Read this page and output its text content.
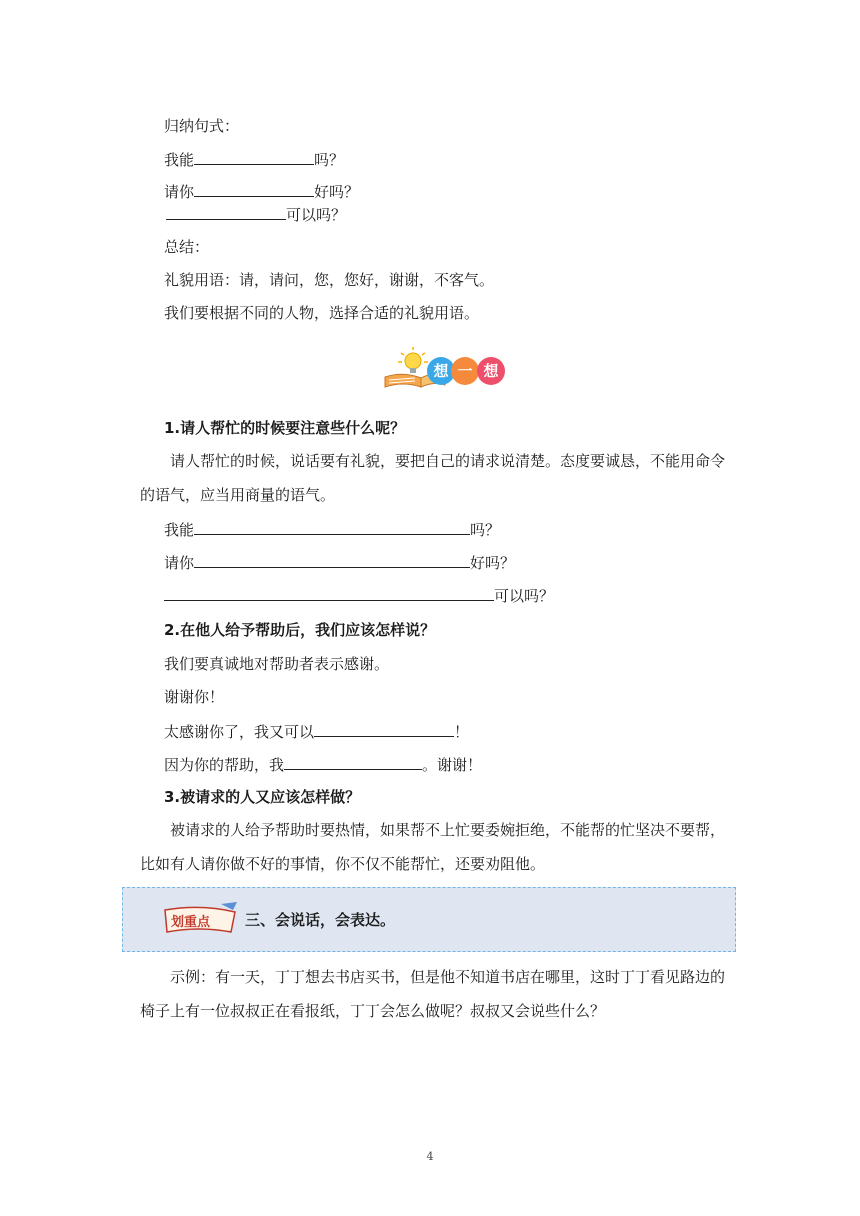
归纳句式：
我能	吗？
请你	好吗？
可以吗？
总结：
礼貌用语：请，请问，您，您好，谢谢，不客气。
我们要根据不同的人物，选择合适的礼貌用语。
想 一 想
1.请人帮忙的时候要注意些什么呢？
请人帮忙的时候，说话要有礼貌，要把自己的请求说清楚。态度要诚恳，不能用命令的语气，应当用商量的语气。
我能	吗？
请你	好吗？
可以吗？
2.在他人给予帮助后，我们应该怎样说？
我们要真诚地对帮助者表示感谢。
谢谢你！
太感谢你了，我又可以	！
因为你的帮助，我	。谢谢！
3.被请求的人又应该怎样做？
被请求的人给予帮助时要热情，如果帮不上忙要委婉拒绝，不能帮的忙坚决不要帮，比如有人请你做不好的事情，你不仅不能帮忙，还要劝阻他。
划重点 三、会说话，会表达。
示例：有一天，丁丁想去书店买书，但是他不知道书店在哪里，这时丁丁看见路边的椅子上有一位叔叔正在看报纸，丁丁会怎么做呢？叔叔又会说些什么？
4
